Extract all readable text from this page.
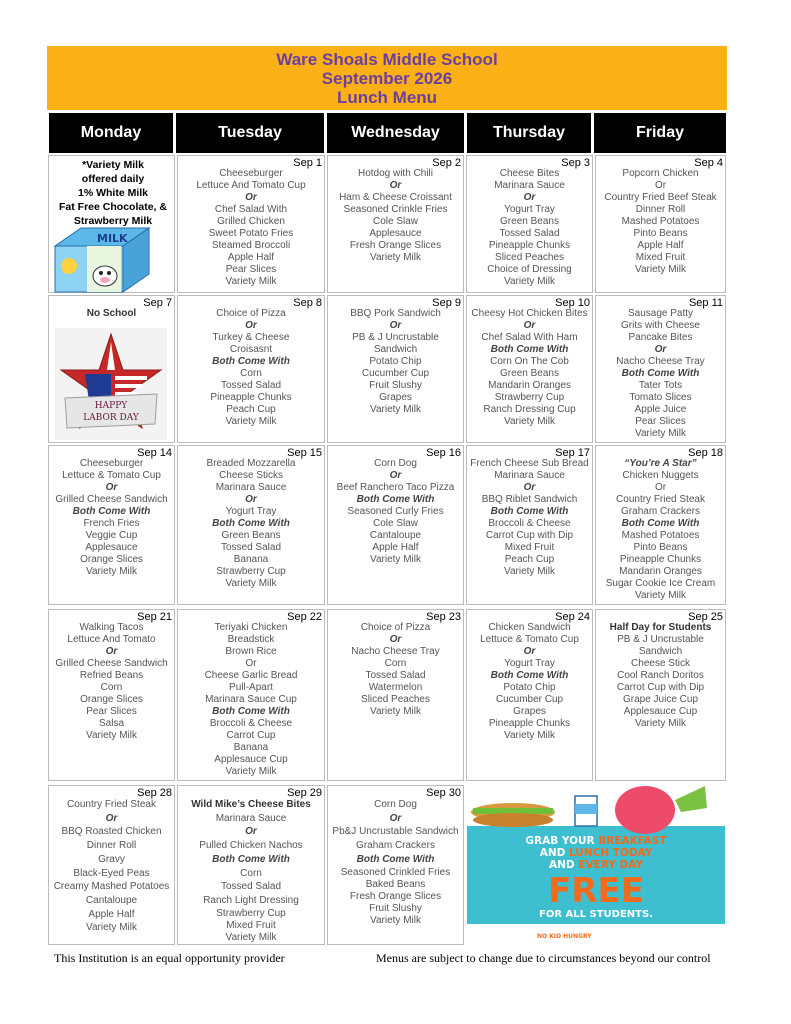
Ware Shoals Middle School
September 2026
Lunch Menu
Monday	Tuesday	Wednesday	Thursday	Friday
*Variety Milk
offered daily
1% White Milk
Fat Free Chocolate, &
Strawberry Milk
MILK
Sep 1
Cheeseburger
Lettuce And Tomato Cup
Or
Chef Salad With
Grilled Chicken
Sweet Potato Fries
Steamed Broccoli
Apple Half
Pear Slices
Variety Milk
Sep 2
Hotdog with Chili
Or
Ham & Cheese Croissant
Seasoned Crinkle Fries
Cole Slaw
Applesauce
Fresh Orange Slices
Variety Milk
Sep 3
Cheese Bites
Marinara Sauce
Or
Yogurt Tray
Green Beans
Tossed Salad
Pineapple Chunks
Sliced Peaches
Choice of Dressing
Variety Milk
Sep 4
Popcorn Chicken
Or
Country Fried Beef Steak
Dinner Roll
Mashed Potatoes
Pinto Beans
Apple Half
Mixed Fruit
Variety Milk
Sep 7
No School
HAPPY
LABOR DAY
Sep 8
Choice of Pizza
Or
Turkey & Cheese
Croisasnt
Both Come With
Corn
Tossed Salad
Pineapple Chunks
Peach Cup
Variety Milk
Sep 9
BBQ Pork Sandwich
Or
PB & J Uncrustable
Sandwich
Potato Chip
Cucumber Cup
Fruit Slushy
Grapes
Variety Milk
Sep 10
Cheesy Hot Chicken Bites
Or
Chef Salad With Ham
Both Come With
Corn On The Cob
Green Beans
Mandarin Oranges
Strawberry Cup
Ranch Dressing Cup
Variety Milk
Sep 11
Sausage Patty
Grits with Cheese
Pancake Bites
Or
Nacho Cheese Tray
Both Come With
Tater Tots
Tomato Slices
Apple Juice
Pear Slices
Variety Milk
Sep 14
Cheeseburger
Lettuce & Tomato Cup
Or
Grilled Cheese Sandwich
Both Come With
French Fries
Veggie Cup
Applesauce
Orange Slices
Variety Milk
Sep 15
Breaded Mozzarella
Cheese Sticks
Marinara Sauce
Or
Yogurt Tray
Both Come With
Green Beans
Tossed Salad
Banana
Strawberry Cup
Variety Milk
Sep 16
Corn Dog
Or
Beef Ranchero Taco Pizza
Both Come With
Seasoned Curly Fries
Cole Slaw
Cantaloupe
Apple Half
Variety Milk
Sep 17
French Cheese Sub Bread
Marinara Sauce
Or
BBQ Riblet Sandwich
Both Come With
Broccoli & Cheese
Carrot Cup with Dip
Mixed Fruit
Peach Cup
Variety Milk
Sep 18
“You’re A Star”
Chicken Nuggets
Or
Country Fried Steak
Graham Crackers
Both Come With
Mashed Potatoes
Pinto Beans
Pineapple Chunks
Mandarin Oranges
Sugar Cookie Ice Cream
Variety Milk
Sep 21
Walking Tacos
Lettuce And Tomato
Or
Grilled Cheese Sandwich
Refried Beans
Corn
Orange Slices
Pear Slices
Salsa
Variety Milk
Sep 22
Teriyaki Chicken
Breadstick
Brown Rice
Or
Cheese Garlic Bread
Pull-Apart
Marinara Sauce Cup
Both Come With
Broccoli & Cheese
Carrot Cup
Banana
Applesauce Cup
Variety Milk
Sep 23
Choice of Pizza
Or
Nacho Cheese Tray
Corn
Tossed Salad
Watermelon
Sliced Peaches
Variety Milk
Sep 24
Chicken Sandwich
Lettuce & Tomato Cup
Or
Yogurt Tray
Both Come With
Potato Chip
Cucumber Cup
Grapes
Pineapple Chunks
Variety Milk
Sep 25
Half Day for Students
PB & J Uncrustable
Sandwich
Cheese Stick
Cool Ranch Doritos
Carrot Cup with Dip
Grape Juice Cup
Applesauce Cup
Variety Milk
Sep 28
Country Fried Steak
Or
BBQ Roasted Chicken
Dinner Roll
Gravy
Black-Eyed Peas
Creamy Mashed Potatoes
Cantaloupe
Apple Half
Variety Milk
Sep 29
Wild Mike’s Cheese Bites
Marinara Sauce
Or
Pulled Chicken Nachos
Both Come With
Corn
Tossed Salad
Ranch Light Dressing
Strawberry Cup
Mixed Fruit
Variety Milk
Sep 30
Corn Dog
Or
Pb&J Uncrustable Sandwich
Graham Crackers
Both Come With
Seasoned Crinkled Fries
Baked Beans
Fresh Orange Slices
Fruit Slushy
Variety Milk
GRAB YOUR BREAKFAST
AND LUNCH TODAY
AND EVERY DAY
FREE
FOR ALL STUDENTS.
NO KID HUNGRY
This Institution is an equal opportunity provider	Menus are subject to change due to circumstances beyond our control
